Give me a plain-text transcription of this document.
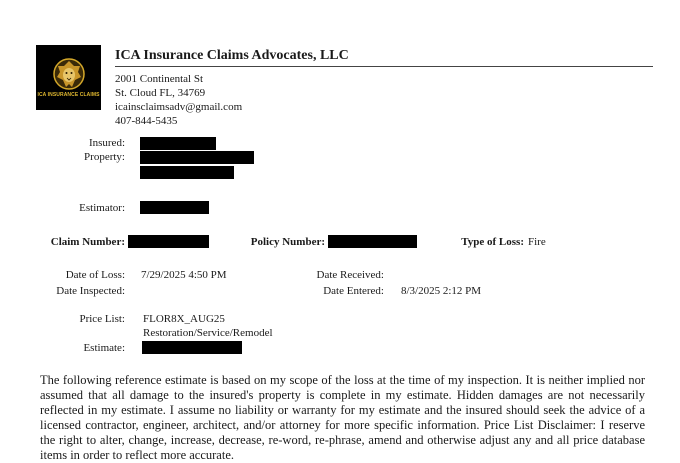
ICA INSURANCE CLAIMS
ICA Insurance Claims Advocates, LLC
2001 Continental St
St. Cloud FL, 34769
icainsclaimsadv@gmail.com
407-844-5435
Insured:
Property:
Estimator:
Claim Number:	Policy Number:	Type of Loss: Fire
Date of Loss: 7/29/2025 4:50 PM	Date Received:
Date Inspected:	Date Entered: 8/3/2025 2:12 PM
Price List: FLOR8X_AUG25
Restoration/Service/Remodel
Estimate:
The following reference estimate is based on my scope of the loss at the time of my inspection. It is neither implied nor assumed that all damage to the insured's property is complete in my estimate. Hidden damages are not necessarily reflected in my estimate. I assume no liability or warranty for my estimate and the insured should seek the advice of a licensed contractor, engineer, architect, and/or attorney for more specific information. Price List Disclaimer: I reserve the right to alter, change, increase, decrease, re-word, re-phrase, amend and otherwise adjust any and all price database items in order to reflect more accurate.
